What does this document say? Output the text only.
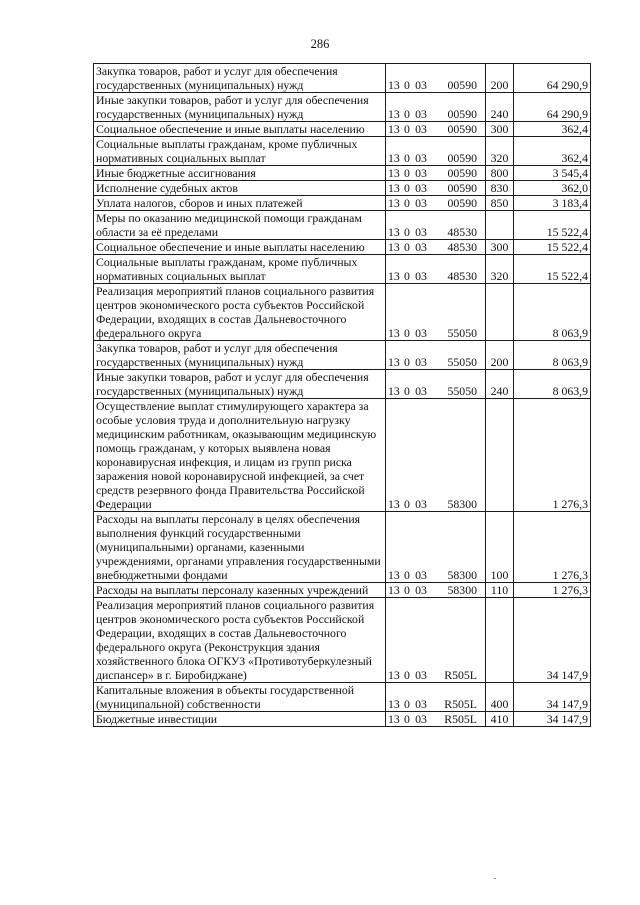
286
Закупка товаров, работ и услуг для обеспечения государственных (муниципальных) нужд	13 0 03 00590	200	64 290,9
Иные закупки товаров, работ и услуг для обеспечения государственных (муниципальных) нужд	13 0 03 00590	240	64 290,9
Социальное обеспечение и иные выплаты населению	13 0 03 00590	300	362,4
Социальные выплаты гражданам, кроме публичных нормативных социальных выплат	13 0 03 00590	320	362,4
Иные бюджетные ассигнования	13 0 03 00590	800	3 545,4
Исполнение судебных актов	13 0 03 00590	830	362,0
Уплата налогов, сборов и иных платежей	13 0 03 00590	850	3 183,4
Меры по оказанию медицинской помощи гражданам области за её пределами	13 0 03 48530		15 522,4
Социальное обеспечение и иные выплаты населению	13 0 03 48530	300	15 522,4
Социальные выплаты гражданам, кроме публичных нормативных социальных выплат	13 0 03 48530	320	15 522,4
Реализация мероприятий планов социального развития центров экономического роста субъектов Российской Федерации, входящих в состав Дальневосточного федерального округа	13 0 03 55050		8 063,9
Закупка товаров, работ и услуг для обеспечения государственных (муниципальных) нужд	13 0 03 55050	200	8 063,9
Иные закупки товаров, работ и услуг для обеспечения государственных (муниципальных) нужд	13 0 03 55050	240	8 063,9
Осуществление выплат стимулирующего характера за особые условия труда и дополнительную нагрузку медицинским работникам, оказывающим медицинскую помощь гражданам, у которых выявлена новая коронавирусная инфекция, и лицам из групп риска заражения новой коронавирусной инфекцией, за счет средств резервного фонда Правительства Российской Федерации	13 0 03 58300		1 276,3
Расходы на выплаты персоналу в целях обеспечения выполнения функций государственными (муниципальными) органами, казенными учреждениями, органами управления государственными внебюджетными фондами	13 0 03 58300	100	1 276,3
Расходы на выплаты персоналу казенных учреждений	13 0 03 58300	110	1 276,3
Реализация мероприятий планов социального развития центров экономического роста субъектов Российской Федерации, входящих в состав Дальневосточного федерального округа (Реконструкция здания хозяйственного блока ОГКУЗ «Противотуберкулезный диспансер» в г. Биробиджане)	13 0 03 R505L		34 147,9
Капитальные вложения в объекты государственной (муниципальной) собственности	13 0 03 R505L	400	34 147,9
Бюджетные инвестиции	13 0 03 R505L	410	34 147,9
